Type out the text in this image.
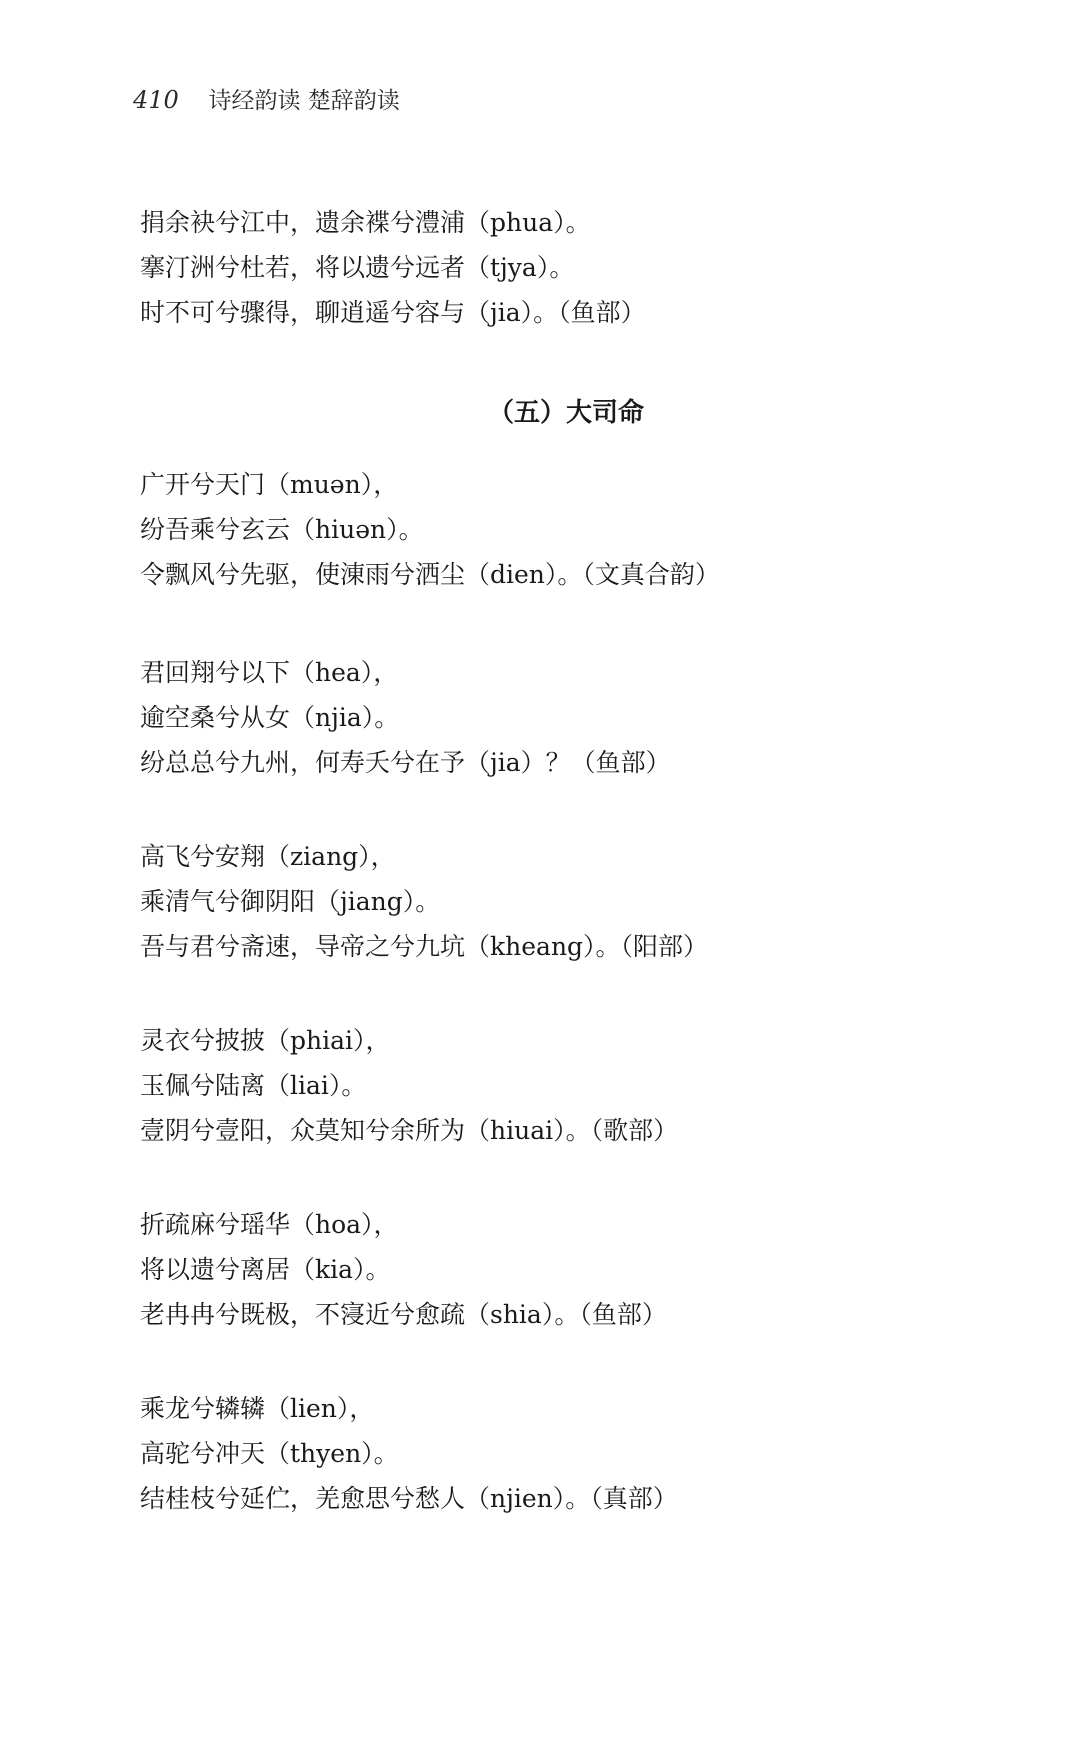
410 诗经韵读 楚辞韵读
捐余袂兮江中，遗余褋兮澧浦（phua）。
搴汀洲兮杜若，将以遗兮远者（tjya）。
时不可兮骤得，聊逍遥兮容与（jia）。（鱼部）
（五）大司命
广开兮天门（muən），
纷吾乘兮玄云（hiuən）。
令飘风兮先驱，使涷雨兮洒尘（dien）。（文真合韵）
君回翔兮以下（hea），
逾空桑兮从女（njia）。
纷总总兮九州，何寿夭兮在予（jia）？（鱼部）
高飞兮安翔（ziang），
乘清气兮御阴阳（jiang）。
吾与君兮斋速，导帝之兮九坑（kheang）。（阳部）
灵衣兮披披（phiai），
玉佩兮陆离（liai）。
壹阴兮壹阳，众莫知兮余所为（hiuai）。（歌部）
折疏麻兮瑶华（hoa），
将以遗兮离居（kia）。
老冉冉兮既极，不寖近兮愈疏（shia）。（鱼部）
乘龙兮辚辚（lien），
高驼兮冲天（thyen）。
结桂枝兮延伫，羌愈思兮愁人（njien）。（真部）
